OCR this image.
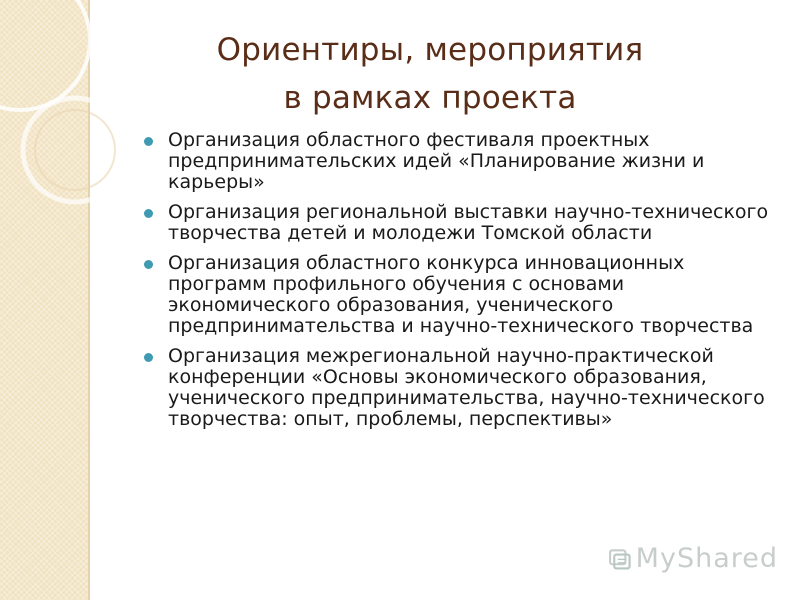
Ориентиры, мероприятия
в рамках проекта
Организация областного фестиваля проектных предпринимательских идей «Планирование жизни и карьеры»
Организация региональной выставки научно-технического творчества детей и молодежи Томской области
Организация областного конкурса инновационных программ профильного обучения с основами экономического образования, ученического предпринимательства и научно-технического творчества
Организация межрегиональной научно-практической конференции «Основы экономического образования, ученического предпринимательства, научно-технического творчества: опыт, проблемы, перспективы»
MyShared
